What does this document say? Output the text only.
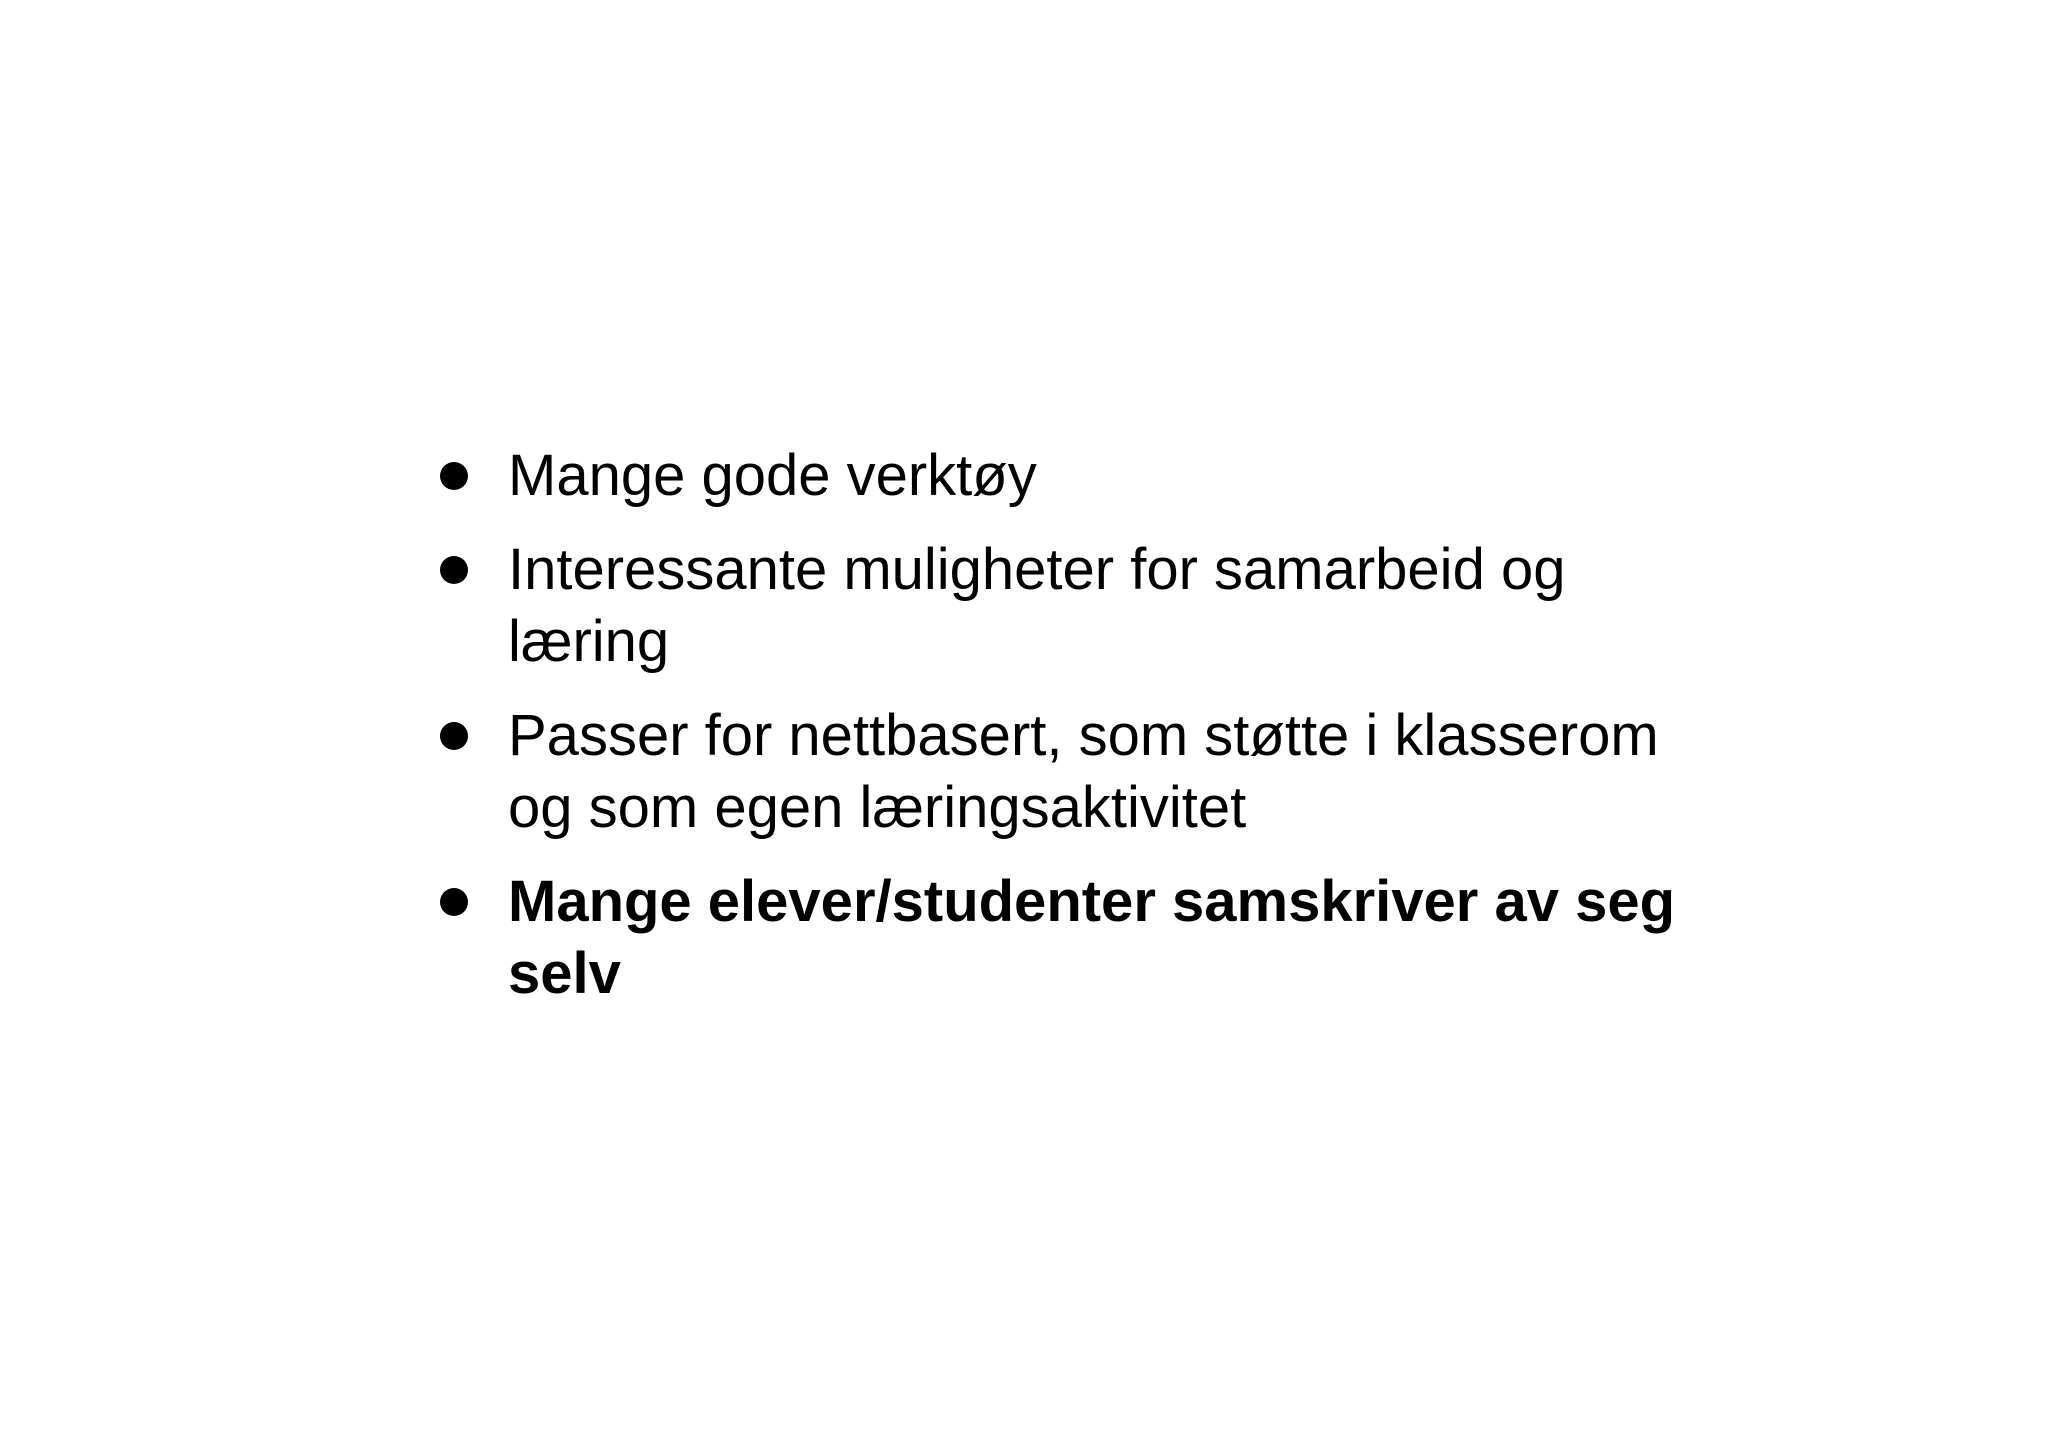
Mange gode verktøy
Interessante muligheter for samarbeid og læring
Passer for nettbasert, som støtte i klasserom og som egen læringsaktivitet
Mange elever/studenter samskriver av seg selv
